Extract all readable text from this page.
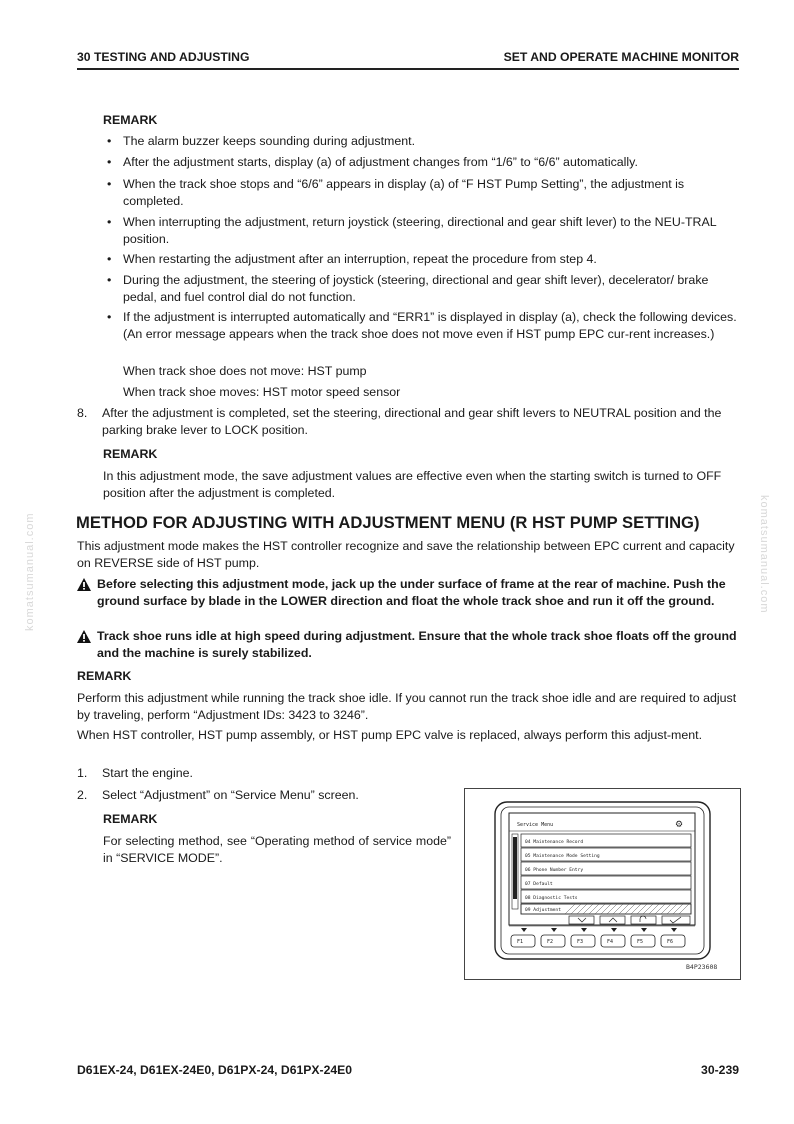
30 TESTING AND ADJUSTING	SET AND OPERATE MACHINE MONITOR
komatsumanual.com	komatsumanual.com
REMARK
• The alarm buzzer keeps sounding during adjustment.
• After the adjustment starts, display (a) of adjustment changes from “1/6” to “6/6” automatically.
• When the track shoe stops and “6/6” appears in display (a) of “F HST Pump Setting”, the adjustment is completed.
• When interrupting the adjustment, return joystick (steering, directional and gear shift lever) to the NEU-TRAL position.
• When restarting the adjustment after an interruption, repeat the procedure from step 4.
• During the adjustment, the steering of joystick (steering, directional and gear shift lever), decelerator/ brake pedal, and fuel control dial do not function.
• If the adjustment is interrupted automatically and “ERR1” is displayed in display (a), check the following devices. (An error message appears when the track shoe does not move even if HST pump EPC cur-rent increases.)
When track shoe does not move: HST pump
When track shoe moves: HST motor speed sensor
8. After the adjustment is completed, set the steering, directional and gear shift levers to NEUTRAL position and the parking brake lever to LOCK position.
REMARK
In this adjustment mode, the save adjustment values are effective even when the starting switch is turned to OFF position after the adjustment is completed.
METHOD FOR ADJUSTING WITH ADJUSTMENT MENU (R HST PUMP SETTING)
This adjustment mode makes the HST controller recognize and save the relationship between EPC current and capacity on REVERSE side of HST pump.
Before selecting this adjustment mode, jack up the under surface of frame at the rear of machine. Push the ground surface by blade in the LOWER direction and float the whole track shoe and run it off the ground.
Track shoe runs idle at high speed during adjustment. Ensure that the whole track shoe floats off the ground and the machine is surely stabilized.
REMARK
Perform this adjustment while running the track shoe idle. If you cannot run the track shoe idle and are required to adjust by traveling, perform “Adjustment IDs: 3423 to 3246”.
When HST controller, HST pump assembly, or HST pump EPC valve is replaced, always perform this adjust-ment.
1. Start the engine.
2. Select “Adjustment” on “Service Menu” screen.
REMARK
For selecting method, see “Operating method of service mode” in “SERVICE MODE”.
Service Menu	⚙
04 Maintenance Record
05 Maintenance Mode Setting
06 Phone Number Entry
07 Default
08 Diagnostic Tests
09 Adjustment
F1	F2	F3	F4	F5	F6
B4P23608
D61EX-24, D61EX-24E0, D61PX-24, D61PX-24E0	30-239
